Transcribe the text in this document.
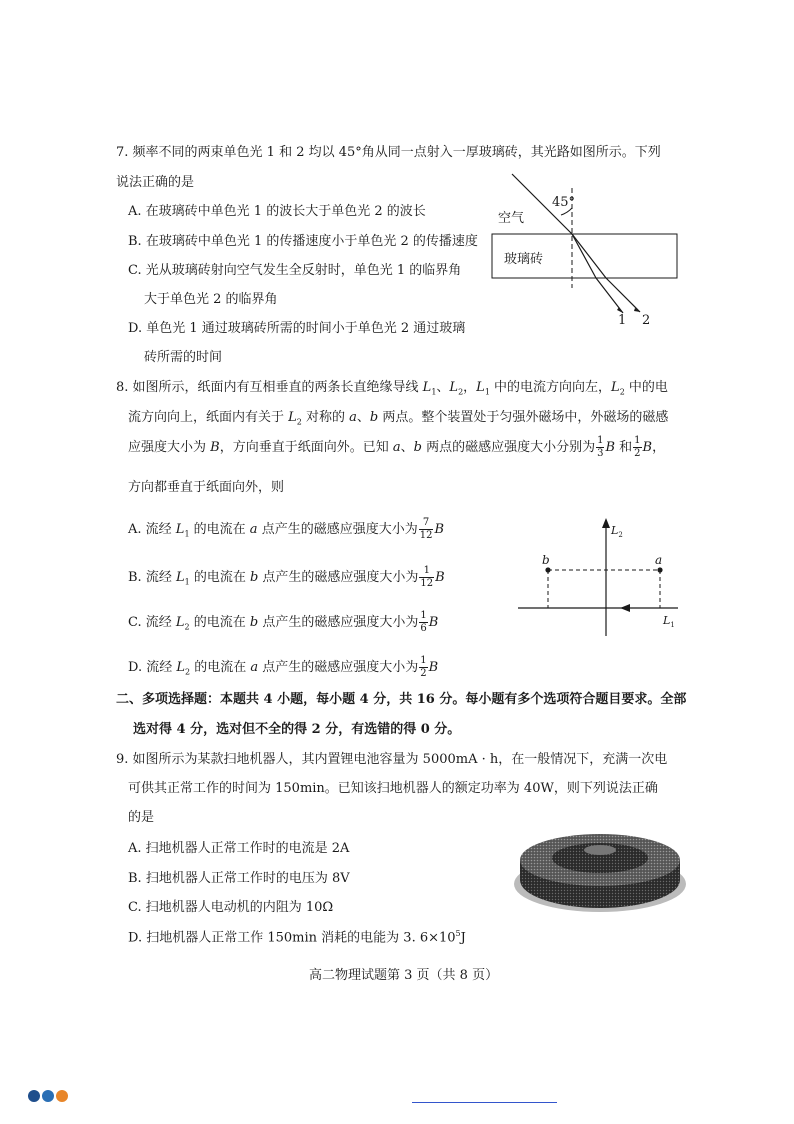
7. 频率不同的两束单色光 1 和 2 均以 45°角从同一点射入一厚玻璃砖，其光路如图所示。下列
说法正确的是
A. 在玻璃砖中单色光 1 的波长大于单色光 2 的波长
B. 在玻璃砖中单色光 1 的传播速度小于单色光 2 的传播速度
C. 光从玻璃砖射向空气发生全反射时，单色光 1 的临界角
大于单色光 2 的临界角
D. 单色光 1 通过玻璃砖所需的时间小于单色光 2 通过玻璃
砖所需的时间
45°
空气
玻璃砖
1 2
8. 如图所示，纸面内有互相垂直的两条长直绝缘导线 $L_1$、$L_2$，$L_1$ 中的电流方向向左，$L_2$ 中的电
流方向向上，纸面内有关于 $L_2$ 对称的 a、b 两点。整个装置处于匀强外磁场中，外磁场的磁感
应强度大小为 B，方向垂直于纸面向外。已知 a、b 两点的磁感应强度大小分别为 $\frac{1}{3}$ B 和 $\frac{1}{2}$ B，
方向都垂直于纸面向外，则
A. 流经 $L_1$ 的电流在 a 点产生的磁感应强度大小为 $\frac{7}{12}$ B
B. 流经 $L_1$ 的电流在 b 点产生的磁感应强度大小为 $\frac{1}{12}$ B
C. 流经 $L_2$ 的电流在 b 点产生的磁感应强度大小为 $\frac{1}{6}$ B
D. 流经 $L_2$ 的电流在 a 点产生的磁感应强度大小为 $\frac{1}{2}$ B
b	a
$L_2$
$L_1$
二、多项选择题：本题共 4 小题，每小题 4 分，共 16 分。每小题有多个选项符合题目要求。全部
选对得 4 分，选对但不全的得 2 分，有选错的得 0 分。
9. 如图所示为某款扫地机器人，其内置锂电池容量为 5000mA · h，在一般情况下，充满一次电
可供其正常工作的时间为 150min。已知该扫地机器人的额定功率为 40W，则下列说法正确
的是
A. 扫地机器人正常工作时的电流是 2A
B. 扫地机器人正常工作时的电压为 8V
C. 扫地机器人电动机的内阻为 10Ω
D. 扫地机器人正常工作 150min 消耗的电能为 3. $6\times 10^5J$
高二物理试题第 3 页（共 8 页）
